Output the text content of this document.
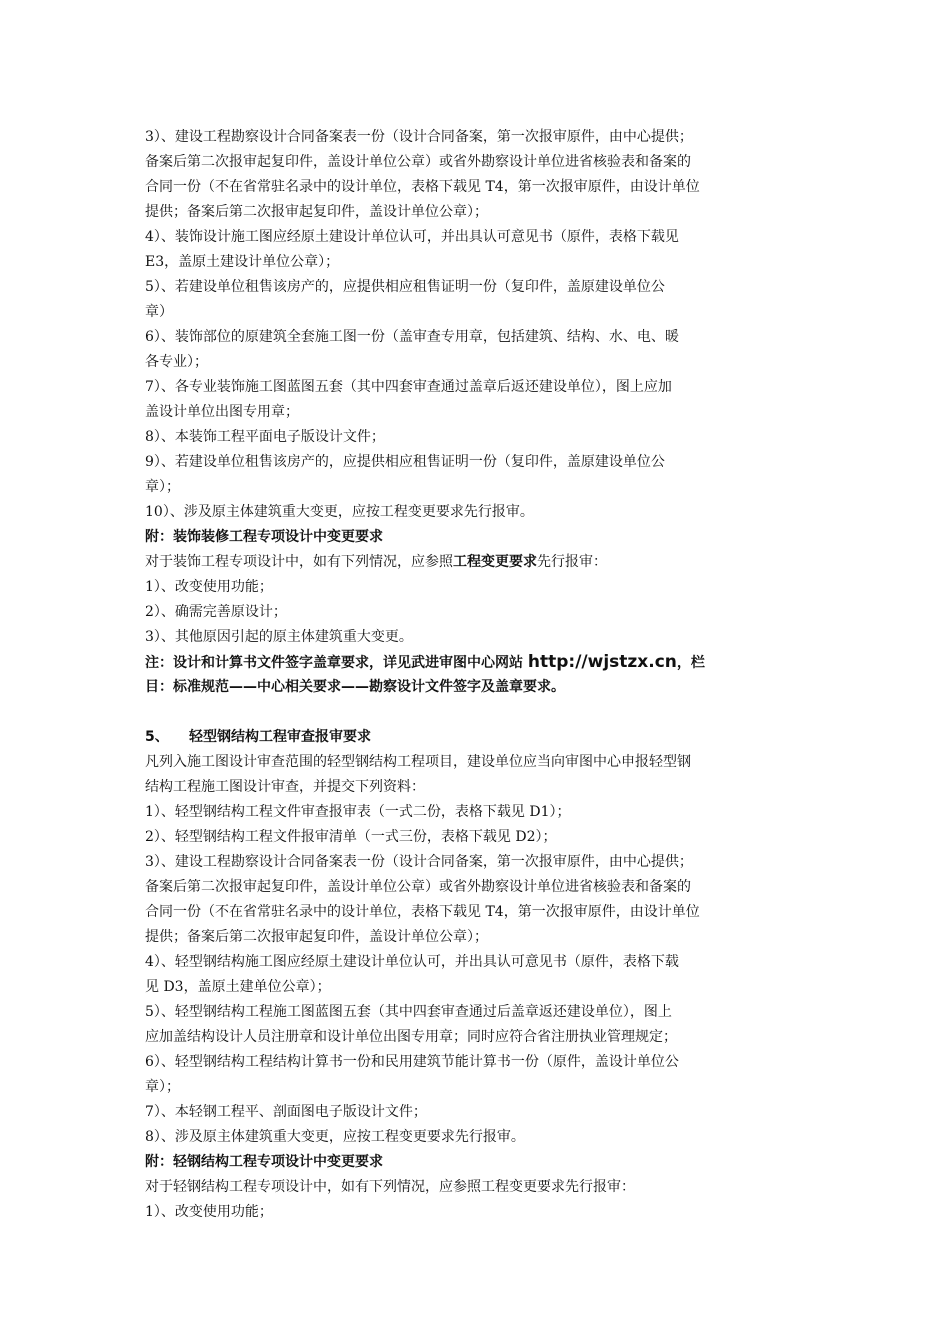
3）、建设工程勘察设计合同备案表一份（设计合同备案，第一次报审原件，由中心提供；
备案后第二次报审起复印件，盖设计单位公章）或省外勘察设计单位进省核验表和备案的
合同一份（不在省常驻名录中的设计单位，表格下载见 T4，第一次报审原件，由设计单位
提供；备案后第二次报审起复印件，盖设计单位公章）；
4）、装饰设计施工图应经原土建设计单位认可，并出具认可意见书（原件，表格下载见
E3，盖原土建设计单位公章）；
5）、若建设单位租售该房产的，应提供相应租售证明一份（复印件，盖原建设单位公
章）
6）、装饰部位的原建筑全套施工图一份（盖审查专用章，包括建筑、结构、水、电、暖
各专业）；
7）、各专业装饰施工图蓝图五套（其中四套审查通过盖章后返还建设单位），图上应加
盖设计单位出图专用章；
8）、本装饰工程平面电子版设计文件；
9）、若建设单位租售该房产的，应提供相应租售证明一份（复印件，盖原建设单位公
章）；
10）、涉及原主体建筑重大变更，应按工程变更要求先行报审。
附：装饰装修工程专项设计中变更要求
对于装饰工程专项设计中，如有下列情况，应参照工程变更要求先行报审：
1）、改变使用功能；
2）、确需完善原设计；
3）、其他原因引起的原主体建筑重大变更。
注：设计和计算书文件签字盖章要求，详见武进审图中心网站 http://wjstzx.cn，栏
目：标准规范——中心相关要求——勘察设计文件签字及盖章要求。
5、 轻型钢结构工程审查报审要求
凡列入施工图设计审查范围的轻型钢结构工程项目，建设单位应当向审图中心申报轻型钢
结构工程施工图设计审查，并提交下列资料：
1）、轻型钢结构工程文件审查报审表（一式二份，表格下载见 D1）；
2）、轻型钢结构工程文件报审清单（一式三份，表格下载见 D2）；
3）、建设工程勘察设计合同备案表一份（设计合同备案，第一次报审原件，由中心提供；
备案后第二次报审起复印件，盖设计单位公章）或省外勘察设计单位进省核验表和备案的
合同一份（不在省常驻名录中的设计单位，表格下载见 T4，第一次报审原件，由设计单位
提供；备案后第二次报审起复印件，盖设计单位公章）；
4）、轻型钢结构施工图应经原土建设计单位认可，并出具认可意见书（原件，表格下载
见 D3，盖原土建单位公章）；
5）、轻型钢结构工程施工图蓝图五套（其中四套审查通过后盖章返还建设单位），图上
应加盖结构设计人员注册章和设计单位出图专用章；同时应符合省注册执业管理规定；
6）、轻型钢结构工程结构计算书一份和民用建筑节能计算书一份（原件，盖设计单位公
章）；
7）、本轻钢工程平、剖面图电子版设计文件；
8）、涉及原主体建筑重大变更，应按工程变更要求先行报审。
附：轻钢结构工程专项设计中变更要求
对于轻钢结构工程专项设计中，如有下列情况，应参照工程变更要求先行报审：
1）、改变使用功能；
